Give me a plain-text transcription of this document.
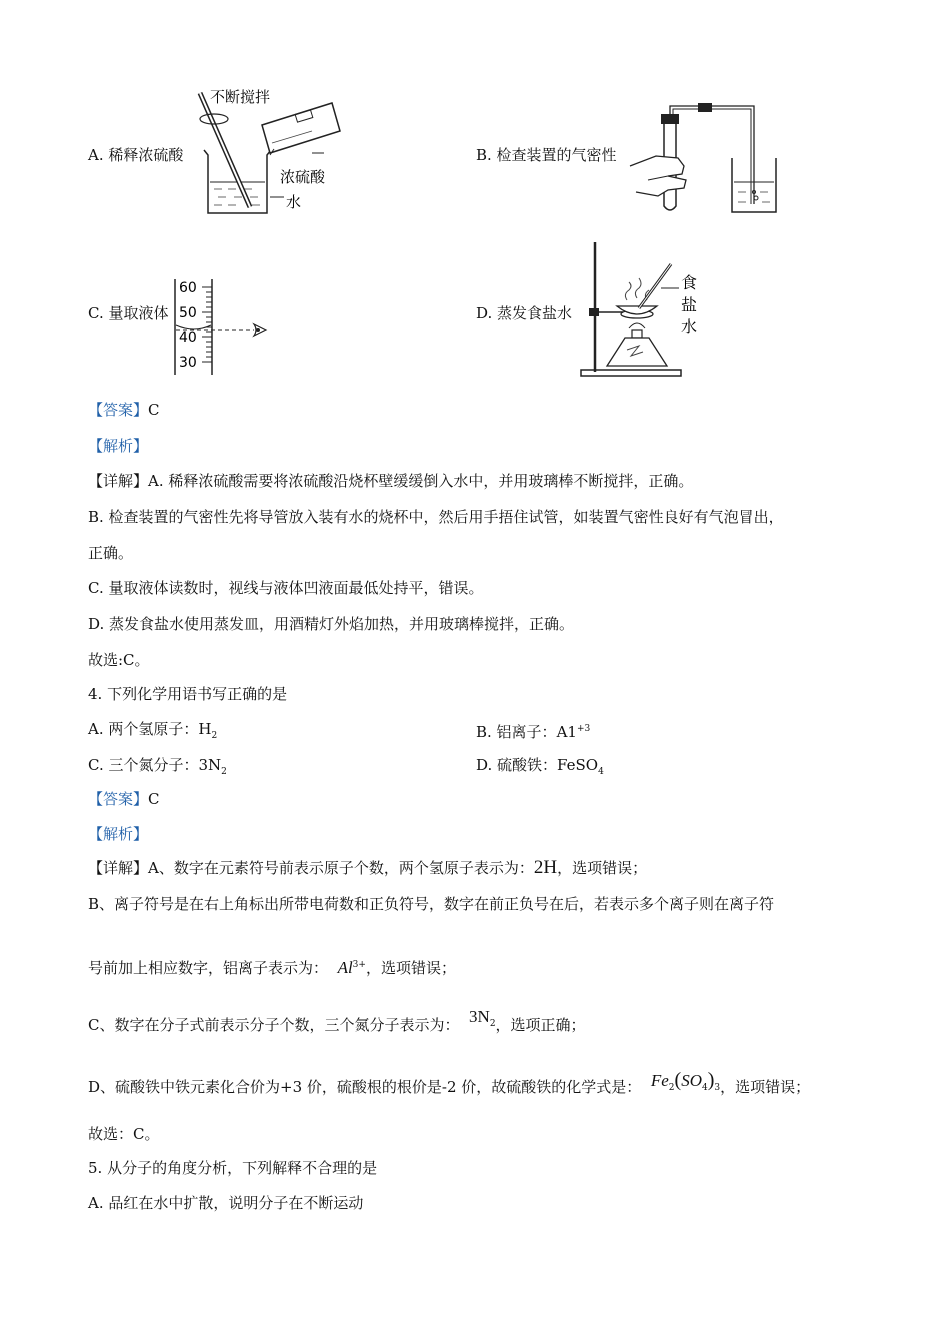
A. 稀释浓硫酸
不断搅拌
浓硫酸
水
B. 检查装置的气密性
C. 量取液体
60
50
40
30
D. 蒸发食盐水
食
盐
水
【答案】C
【解析】
【详解】A. 稀释浓硫酸需要将浓硫酸沿烧杯壁缓缓倒入水中，并用玻璃棒不断搅拌，正确。
B. 检查装置的气密性先将导管放入装有水的烧杯中，然后用手捂住试管，如装置气密性良好有气泡冒出，
正确。
C. 量取液体读数时，视线与液体凹液面最低处持平，错误。
D. 蒸发食盐水使用蒸发皿，用酒精灯外焰加热，并用玻璃棒搅拌，正确。
故选:C。
4. 下列化学用语书写正确的是
A. 两个氢原子：$H_2$	B. 铝离子：$A1^{+3}$
C. 三个氮分子：$3N_2$	D. 硫酸铁：FeSO$_4$
【答案】C
【解析】
【详解】A、数字在元素符号前表示原子个数，两个氢原子表示为：2H，选项错误；
B、离子符号是在右上角标出所带电荷数和正负符号，数字在前正负号在后，若表示多个离子则在离子符
号前加上相应数字，铝离子表示为： $Al^{3+}$，选项错误；
C、数字在分子式前表示分子个数，三个氮分子表示为： $3N_2$，选项正确；
D、硫酸铁中铁元素化合价为+3 价，硫酸根的根价是-2 价，故硫酸铁的化学式是： $Fe_2(SO_4)_3$，选项错误；
故选：C。
5. 从分子的角度分析，下列解释不合理的是
A. 品红在水中扩散，说明分子在不断运动
